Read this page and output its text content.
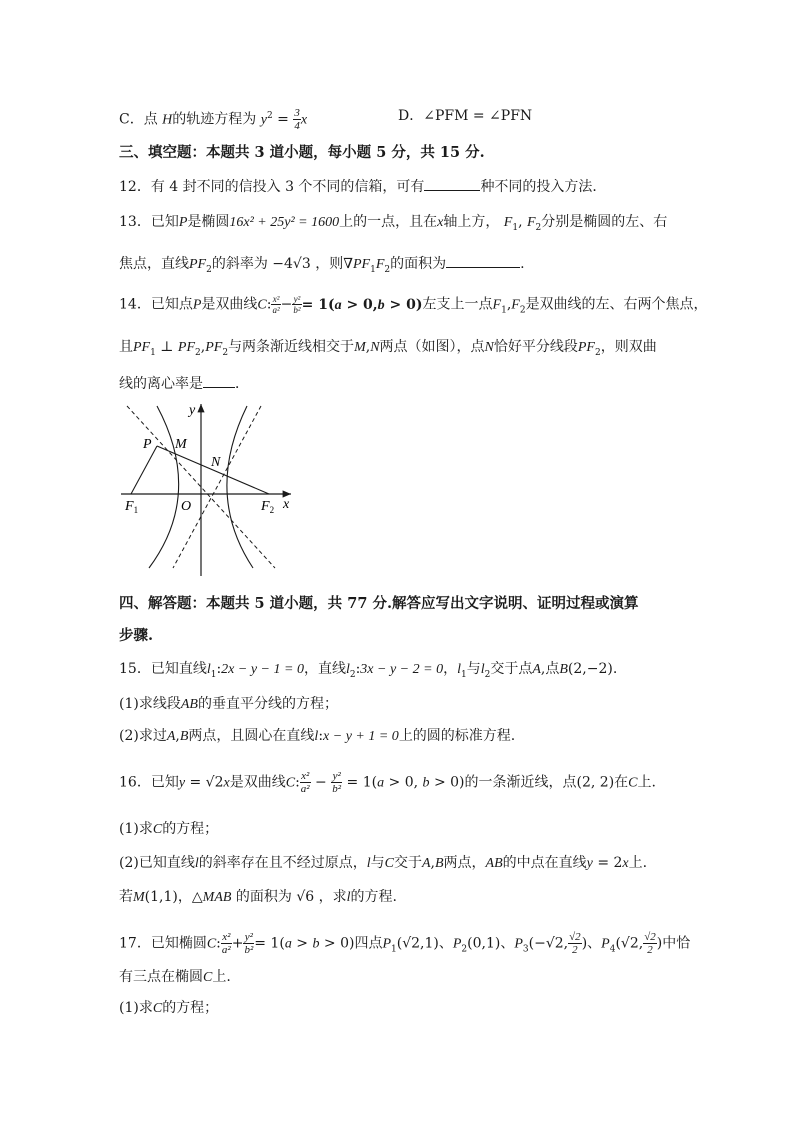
C．点 H的轨迹方程为 $y^2 = \frac{3}{4}$ x	D．∠PFM = ∠PFN
三、填空题：本题共 3 道小题，每小题 5 分，共 15 分.
12．有 4 封不同的信投入 3 个不同的信箱，可有	种不同的投入方法．
13．已知P是椭圆16x² + 25y² = 1600上的一点，且在x轴上方， $F_1$, $F_2$分别是椭圆的左、右
焦点，直线$PF_2$的斜率为 −4√3 ，则$\nabla PF_1F_2$的面积为	.
14．已知点P是双曲线C: $\frac{\text{x²}}{\text{a²}} - \frac{\text{y²}}{\text{b²}} = 1(a > 0,b > 0)$左支上一点$F_1,F_2$是双曲线的左、右两个焦点，
且$PF_1$ ⊥ $PF_2,PF_2$与两条渐近线相交于M,N两点（如图），点N恰好平分线段$PF_2$，则双曲
线的离心率是 ．
y
x
P M
N
O
$F_1$	$F_2$
四、解答题：本题共 5 道小题，共 77 分.解答应写出文字说明、证明过程或演算
步骤.
15．已知直线$l_1:2x - y - 1 = 0$，直线$l_2:3x - y - 2 = 0$，$l_1$与$l_2$交于点A,点B(2,−2).
(1)求线段AB的垂直平分线的方程；
(2)求过A,B两点，且圆心在直线l:x − y + 1 = 0上的圆的标准方程.
16．已知y = √2x是双曲线C: $\frac{\text{x²}}{\text{a²}} - \frac{\text{y²}}{\text{b²}} = 1(a > 0$, b > 0)的一条渐近线，点(2, 2)在C上.
(1)求C的方程；
(2)已知直线l的斜率存在且不经过原点，l与C交于A,B两点，AB的中点在直线y = 2x上.
若M(1,1)，△MAB 的面积为 √6 ，求l的方程.
17．已知椭圆C: $\frac{\text{x²}}{\text{a²}} + \frac{\text{y²}}{\text{b²}} = 1(a > b > 0)$四点$P_1(√2,1)$、$P_2(0,1)$、$P_3(-√2$, $\frac{√2}{2}$ )、$P_4(√2$, $\frac{√2}{2}$ )中恰
有三点在椭圆C上.
(1)求C的方程；
